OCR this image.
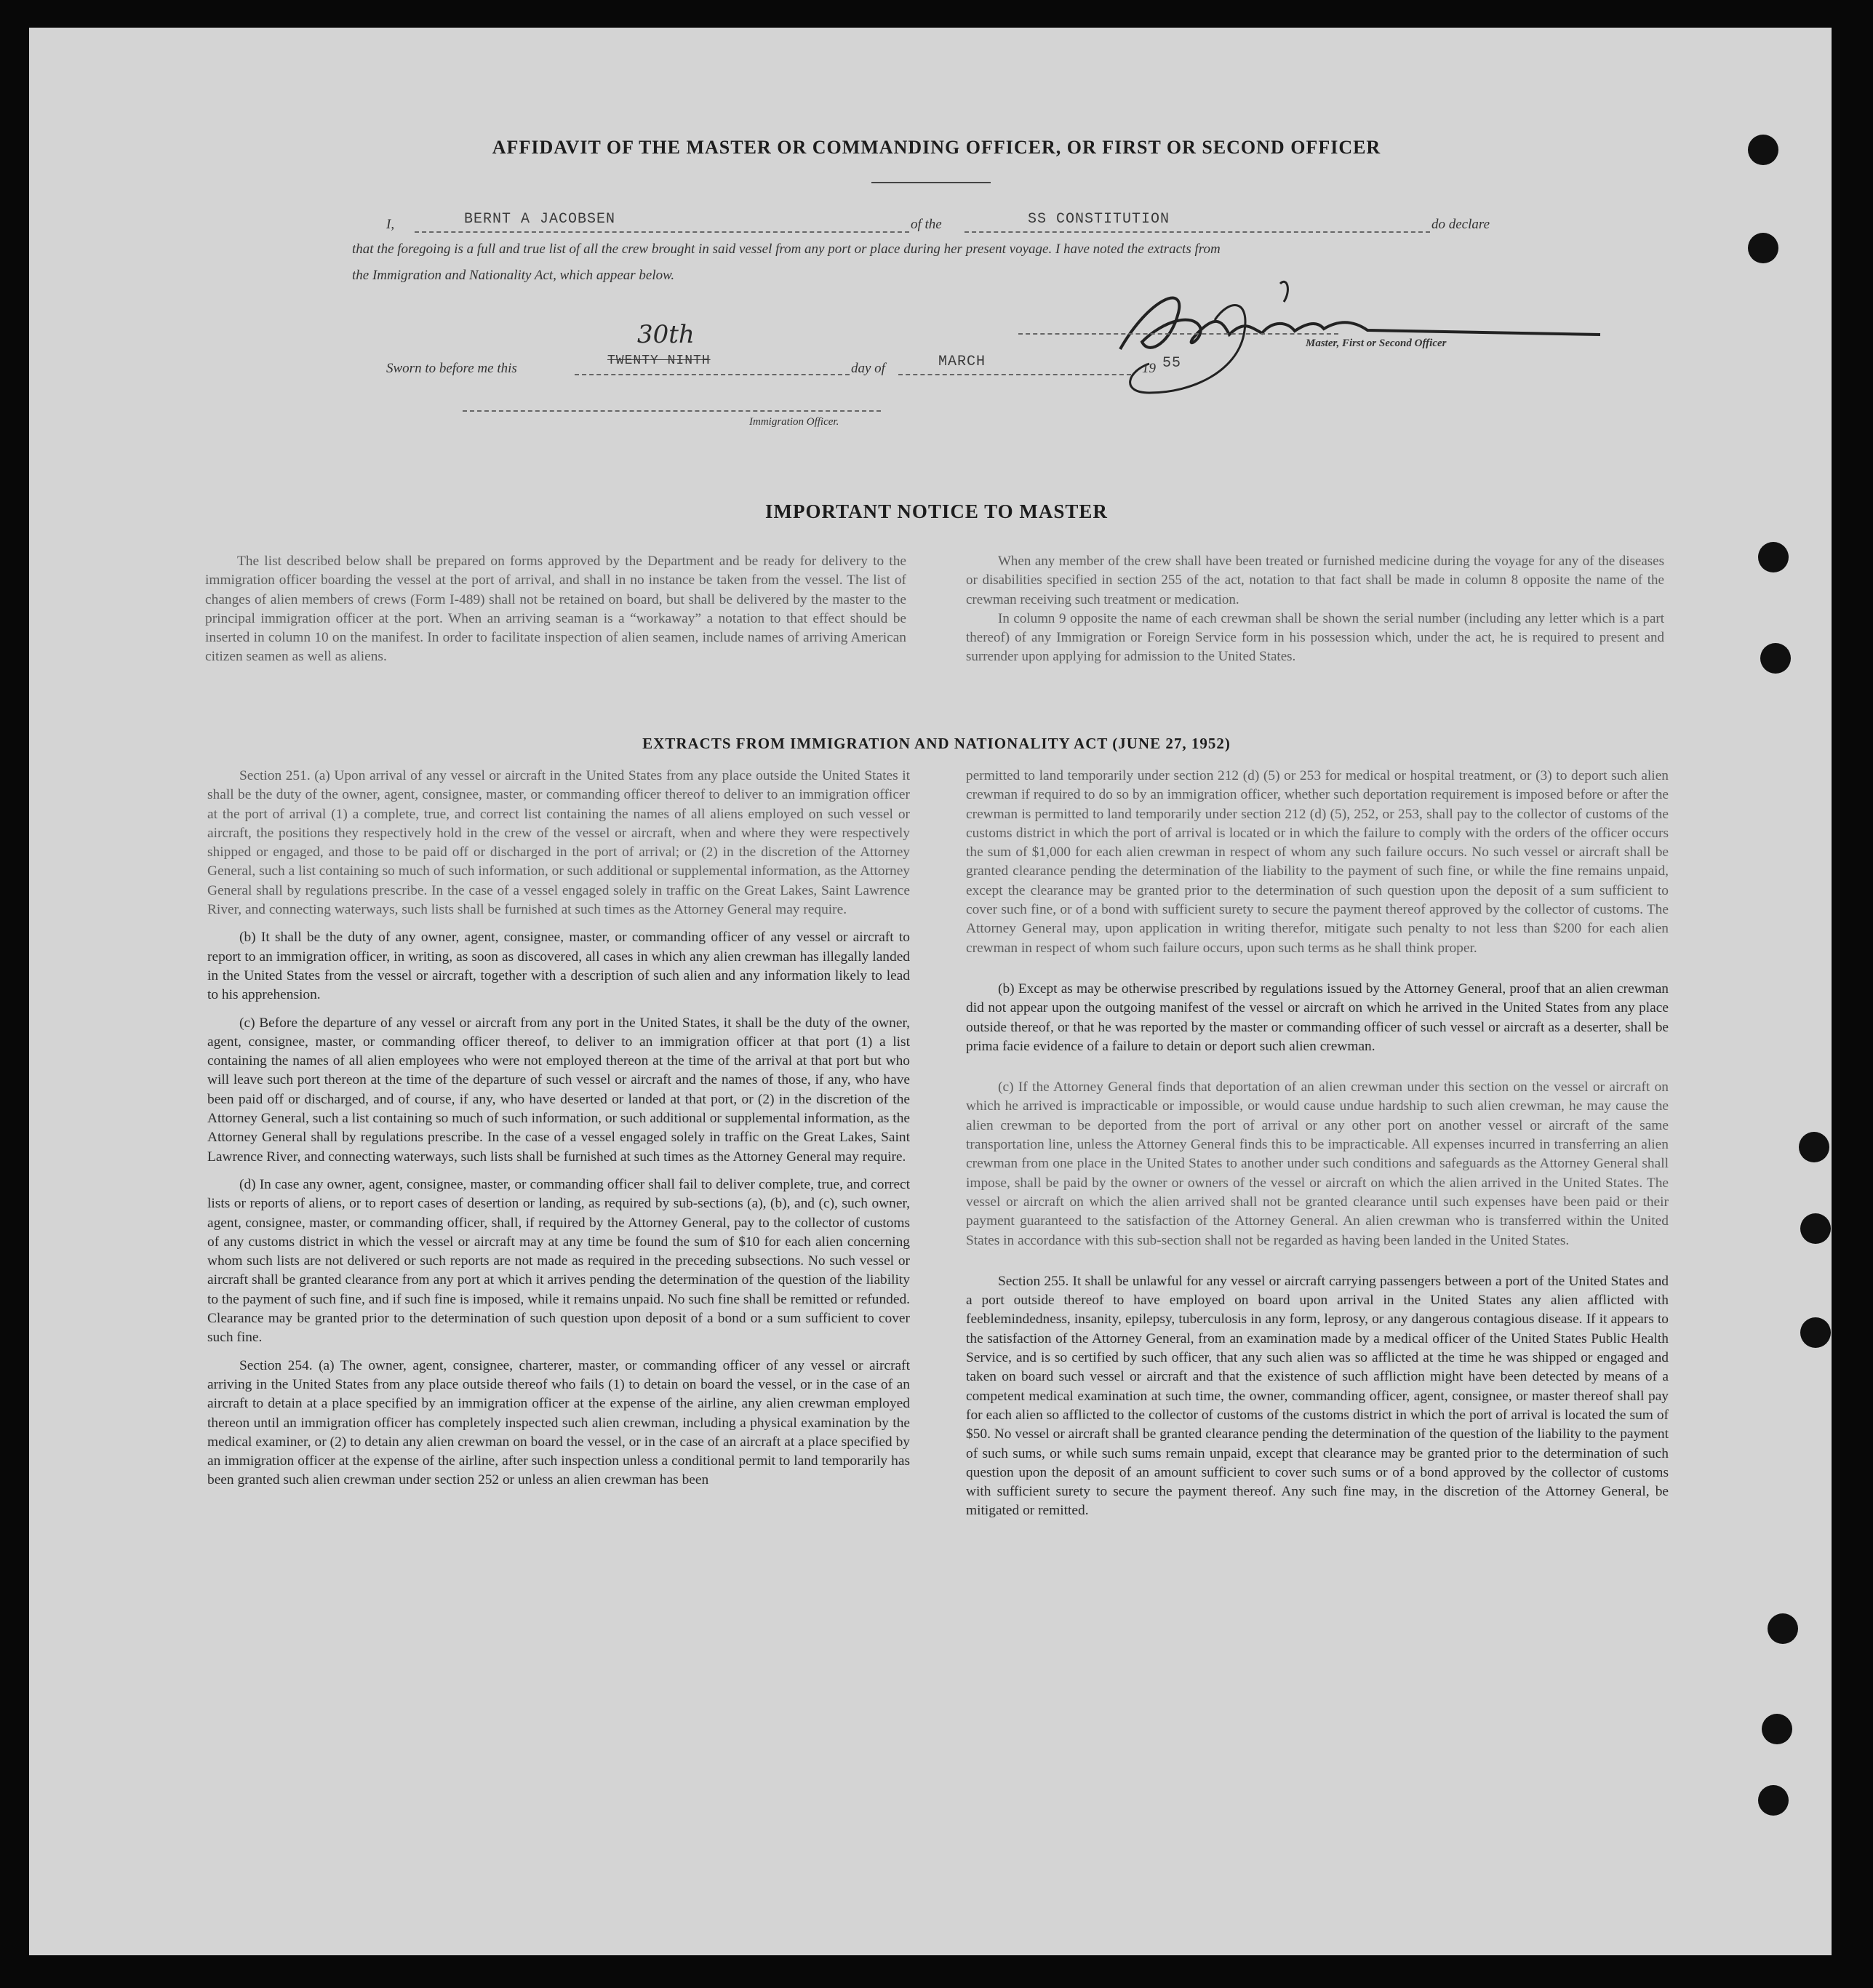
AFFIDAVIT OF THE MASTER OR COMMANDING OFFICER, OR FIRST OR SECOND OFFICER
I,	BERNT A JACOBSEN	of the	SS CONSTITUTION	do declare
that the foregoing is a full and true list of all the crew brought in said vessel from any port or place during her present voyage. I have noted the extracts from
the Immigration and Nationality Act, which appear below.
Master, First or Second Officer
Sworn to before me this
30th
TWENTY NINTH	day of	MARCH	19 55
Immigration Officer.
IMPORTANT NOTICE TO MASTER

The list described below shall be prepared on forms approved by the Department and be ready for delivery to the immigration officer boarding the vessel at the port of arrival, and shall in no instance be taken from the vessel. The list of changes of alien members of crews (Form I-489) shall not be retained on board, but shall be delivered by the master to the principal immigration officer at the port. When an arriving seaman is a “workaway” a notation to that effect should be inserted in column 10 on the manifest. In order to facilitate inspection of alien seamen, include names of arriving American citizen seamen as well as aliens.

When any member of the crew shall have been treated or furnished medicine during the voyage for any of the diseases or disabilities specified in section 255 of the act, notation to that fact shall be made in column 8 opposite the name of the crewman receiving such treatment or medication.

In column 9 opposite the name of each crewman shall be shown the serial number (including any letter which is a part thereof) of any Immigration or Foreign Service form in his possession which, under the act, he is required to present and surrender upon applying for admission to the United States.

EXTRACTS FROM IMMIGRATION AND NATIONALITY ACT (JUNE 27, 1952)

Section 251. (a) Upon arrival of any vessel or aircraft in the United States from any place outside the United States it shall be the duty of the owner, agent, consignee, master, or commanding officer thereof to deliver to an immigration officer at the port of arrival (1) a complete, true, and correct list containing the names of all aliens employed on such vessel or aircraft, the positions they respectively hold in the crew of the vessel or aircraft, when and where they were respectively shipped or engaged, and those to be paid off or discharged in the port of arrival; or (2) in the discretion of the Attorney General, such a list containing so much of such information, or such additional or supplemental information, as the Attorney General shall by regulations prescribe. In the case of a vessel engaged solely in traffic on the Great Lakes, Saint Lawrence River, and connecting waterways, such lists shall be furnished at such times as the Attorney General may require.

(b) It shall be the duty of any owner, agent, consignee, master, or commanding officer of any vessel or aircraft to report to an immigration officer, in writing, as soon as discovered, all cases in which any alien crewman has illegally landed in the United States from the vessel or aircraft, together with a description of such alien and any information likely to lead to his apprehension.

(c) Before the departure of any vessel or aircraft from any port in the United States, it shall be the duty of the owner, agent, consignee, master, or commanding officer thereof, to deliver to an immigration officer at that port (1) a list containing the names of all alien employees who were not employed thereon at the time of the arrival at that port but who will leave such port thereon at the time of the departure of such vessel or aircraft and the names of those, if any, who have been paid off or discharged, and of course, if any, who have deserted or landed at that port, or (2) in the discretion of the Attorney General, such a list containing so much of such information, or such additional or supplemental information, as the Attorney General shall by regulations prescribe. In the case of a vessel engaged solely in traffic on the Great Lakes, Saint Lawrence River, and connecting waterways, such lists shall be furnished at such times as the Attorney General may require.

(d) In case any owner, agent, consignee, master, or commanding officer shall fail to deliver complete, true, and correct lists or reports of aliens, or to report cases of desertion or landing, as required by sub-sections (a), (b), and (c), such owner, agent, consignee, master, or commanding officer, shall, if required by the Attorney General, pay to the collector of customs of any customs district in which the vessel or aircraft may at any time be found the sum of $10 for each alien concerning whom such lists are not delivered or such reports are not made as required in the preceding subsections. No such vessel or aircraft shall be granted clearance from any port at which it arrives pending the determination of the question of the liability to the payment of such fine, and if such fine is imposed, while it remains unpaid. No such fine shall be remitted or refunded. Clearance may be granted prior to the determination of such question upon deposit of a bond or a sum sufficient to cover such fine.

Section 254. (a) The owner, agent, consignee, charterer, master, or commanding officer of any vessel or aircraft arriving in the United States from any place outside thereof who fails (1) to detain on board the vessel, or in the case of an aircraft to detain at a place specified by an immigration officer at the expense of the airline, any alien crewman employed thereon until an immigration officer has completely inspected such alien crewman, including a physical examination by the medical examiner, or (2) to detain any alien crewman on board the vessel, or in the case of an aircraft at a place specified by an immigration officer at the expense of the airline, after such inspection unless a conditional permit to land temporarily has been granted such alien crewman under section 252 or unless an alien crewman has been

permitted to land temporarily under section 212 (d) (5) or 253 for medical or hospital treatment, or (3) to deport such alien crewman if required to do so by an immigration officer, whether such deportation requirement is imposed before or after the crewman is permitted to land temporarily under section 212 (d) (5), 252, or 253, shall pay to the collector of customs of the customs district in which the port of arrival is located or in which the failure to comply with the orders of the officer occurs the sum of $1,000 for each alien crewman in respect of whom any such failure occurs. No such vessel or aircraft shall be granted clearance pending the determination of the liability to the payment of such fine, or while the fine remains unpaid, except the clearance may be granted prior to the determination of such question upon the deposit of a sum sufficient to cover such fine, or of a bond with sufficient surety to secure the payment thereof approved by the collector of customs. The Attorney General may, upon application in writing therefor, mitigate such penalty to not less than $200 for each alien crewman in respect of whom such failure occurs, upon such terms as he shall think proper.

(b) Except as may be otherwise prescribed by regulations issued by the Attorney General, proof that an alien crewman did not appear upon the outgoing manifest of the vessel or aircraft on which he arrived in the United States from any place outside thereof, or that he was reported by the master or commanding officer of such vessel or aircraft as a deserter, shall be prima facie evidence of a failure to detain or deport such alien crewman.

(c) If the Attorney General finds that deportation of an alien crewman under this section on the vessel or aircraft on which he arrived is impracticable or impossible, or would cause undue hardship to such alien crewman, he may cause the alien crewman to be deported from the port of arrival or any other port on another vessel or aircraft of the same transportation line, unless the Attorney General finds this to be impracticable. All expenses incurred in transferring an alien crewman from one place in the United States to another under such conditions and safeguards as the Attorney General shall impose, shall be paid by the owner or owners of the vessel or aircraft on which the alien arrived in the United States. The vessel or aircraft on which the alien arrived shall not be granted clearance until such expenses have been paid or their payment guaranteed to the satisfaction of the Attorney General. An alien crewman who is transferred within the United States in accordance with this sub-section shall not be regarded as having been landed in the United States.

Section 255. It shall be unlawful for any vessel or aircraft carrying passengers between a port of the United States and a port outside thereof to have employed on board upon arrival in the United States any alien afflicted with feeblemindedness, insanity, epilepsy, tuberculosis in any form, leprosy, or any dangerous contagious disease. If it appears to the satisfaction of the Attorney General, from an examination made by a medical officer of the United States Public Health Service, and is so certified by such officer, that any such alien was so afflicted at the time he was shipped or engaged and taken on board such vessel or aircraft and that the existence of such affliction might have been detected by means of a competent medical examination at such time, the owner, commanding officer, agent, consignee, or master thereof shall pay for each alien so afflicted to the collector of customs of the customs district in which the port of arrival is located the sum of $50. No vessel or aircraft shall be granted clearance pending the determination of the question of the liability to the payment of such sums, or while such sums remain unpaid, except that clearance may be granted prior to the determination of such question upon the deposit of an amount sufficient to cover such sums or of a bond approved by the collector of customs with sufficient surety to secure the payment thereof. Any such fine may, in the discretion of the Attorney General, be mitigated or remitted.
